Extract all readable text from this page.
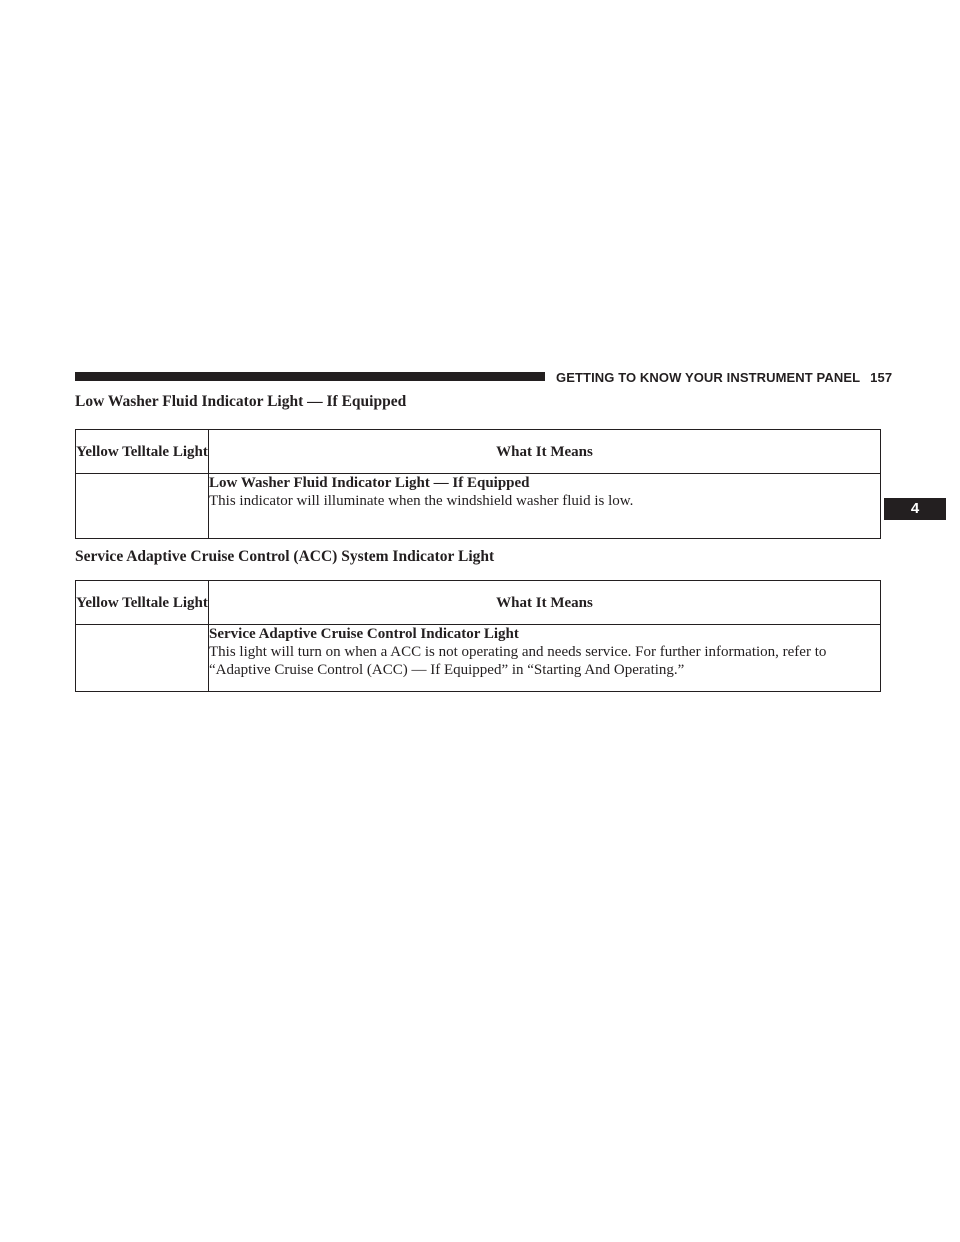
GETTING TO KNOW YOUR INSTRUMENT PANEL 157
4
Low Washer Fluid Indicator Light — If Equipped
Yellow Telltale Light	What It Means

	Low Washer Fluid Indicator Light — If Equipped
This indicator will illuminate when the windshield washer fluid is low.
Service Adaptive Cruise Control (ACC) System Indicator Light
Yellow Telltale Light	What It Means

	Service Adaptive Cruise Control Indicator Light
This light will turn on when a ACC is not operating and needs service. For further information, refer to “Adaptive Cruise Control (ACC) — If Equipped” in “Starting And Operating.”
